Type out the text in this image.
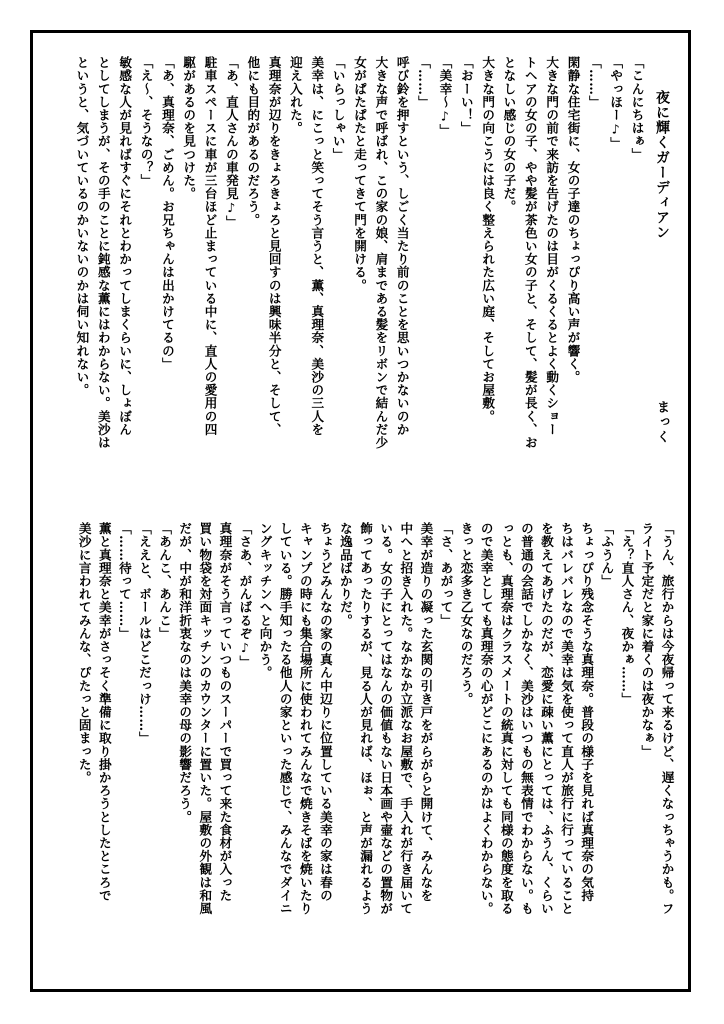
「こんにちはぁ」
「やっほー♪」
「……」
閑静な住宅街に、女の子達のちょっぴり高い声が響く。
大きな門の前で来訪を告げたのは目がくるくるとよく動くショー
トヘアの女の子、やや髪が茶色い女の子と、そして、髪が長く、お
となしい感じの女の子だ。
大きな門の向こうには良く整えられた広い庭、そしてお屋敷。
「おーい！」
「美幸〜♪」
「……」
呼び鈴を押すという、しごく当たり前のことを思いつかないのか
大きな声で呼ばれ、この家の娘、肩まである髪をリボンで結んだ少
女がぱたぱたと走ってきて門を開ける。
「いらっしゃい」
美幸は、にこっと笑ってそう言うと、薫、真理奈、美沙の三人を
迎え入れた。
真理奈が辺りをきょろきょろと見回すのは興味半分と、そして、
他にも目的があるのだろう。
「あ、直人さんの車発見♪」
駐車スペースに車が三台ほど止まっている中に、直人の愛用の四
駆があるのを見つけた。
「あ、真理奈、ごめん。お兄ちゃんは出かけてるの」
「え〜、そうなの？」
敏感な人が見ればすぐにそれとわかってしまくらいに、しょぼん
としてしまうが、その手のことに鈍感な薫にはわからない。美沙は
というと、気づいているのかいないのかは伺い知れない。
「うん、旅行からは今夜帰って来るけど、遅くなっちゃうかも。フ
ライト予定だと家に着くのは夜かなぁ」
「え？直人さん、夜かぁ……」
「ふうん」
ちょっぴり残念そうな真理奈。普段の様子を見れば真理奈の気持
ちはバレバレなので美幸は気を使って直人が旅行に行っていること
を教えてあげたのだが、恋愛に疎い薫にとっては、ふうん、くらい
の普通の会話でしかなく、美沙はいつもの無表情でわからない。も
っとも、真理奈はクラスメートの統真に対しても同様の態度を取る
ので美幸としても真理奈の心がどこにあるのかはよくわからない。
きっと恋多き乙女なのだろう。
「さ、あがって」
美幸が造りの凝った玄関の引き戸をがらがらと開けて、みんなを
中へと招き入れた。なかなか立派なお屋敷で、手入れが行き届いて
いる。女の子にとってはなんの価値もない日本画や壷などの置物が
飾ってあったりするが、見る人が見れば、ほぉ、と声が漏れるよう
な逸品ばかりだ。
ちょうどみんなの家の真ん中辺りに位置している美幸の家は春の
キャンプの時にも集合場所に使われてみんなで焼きそばを焼いたり
している。勝手知ったる他人の家といった感じで、みんなでダイニ
ングキッチンへと向かう。
「さあ、がんばるぞ♪」
真理奈がそう言っていつものスーパーで買って来た食材が入った
買い物袋を対面キッチンのカウンターに置いた。屋敷の外観は和風
だが、中が和洋折衷なのは美幸の母の影響だろう。
「あんこ、あんこ」
「ええと、ボールはどこだっけ……」
「……待って……」
薫と真理奈と美幸がさっそく準備に取り掛かろうとしたところで
美沙に言われてみんな、ぴたっと固まった。
夜に輝くガーディアン
まっく
